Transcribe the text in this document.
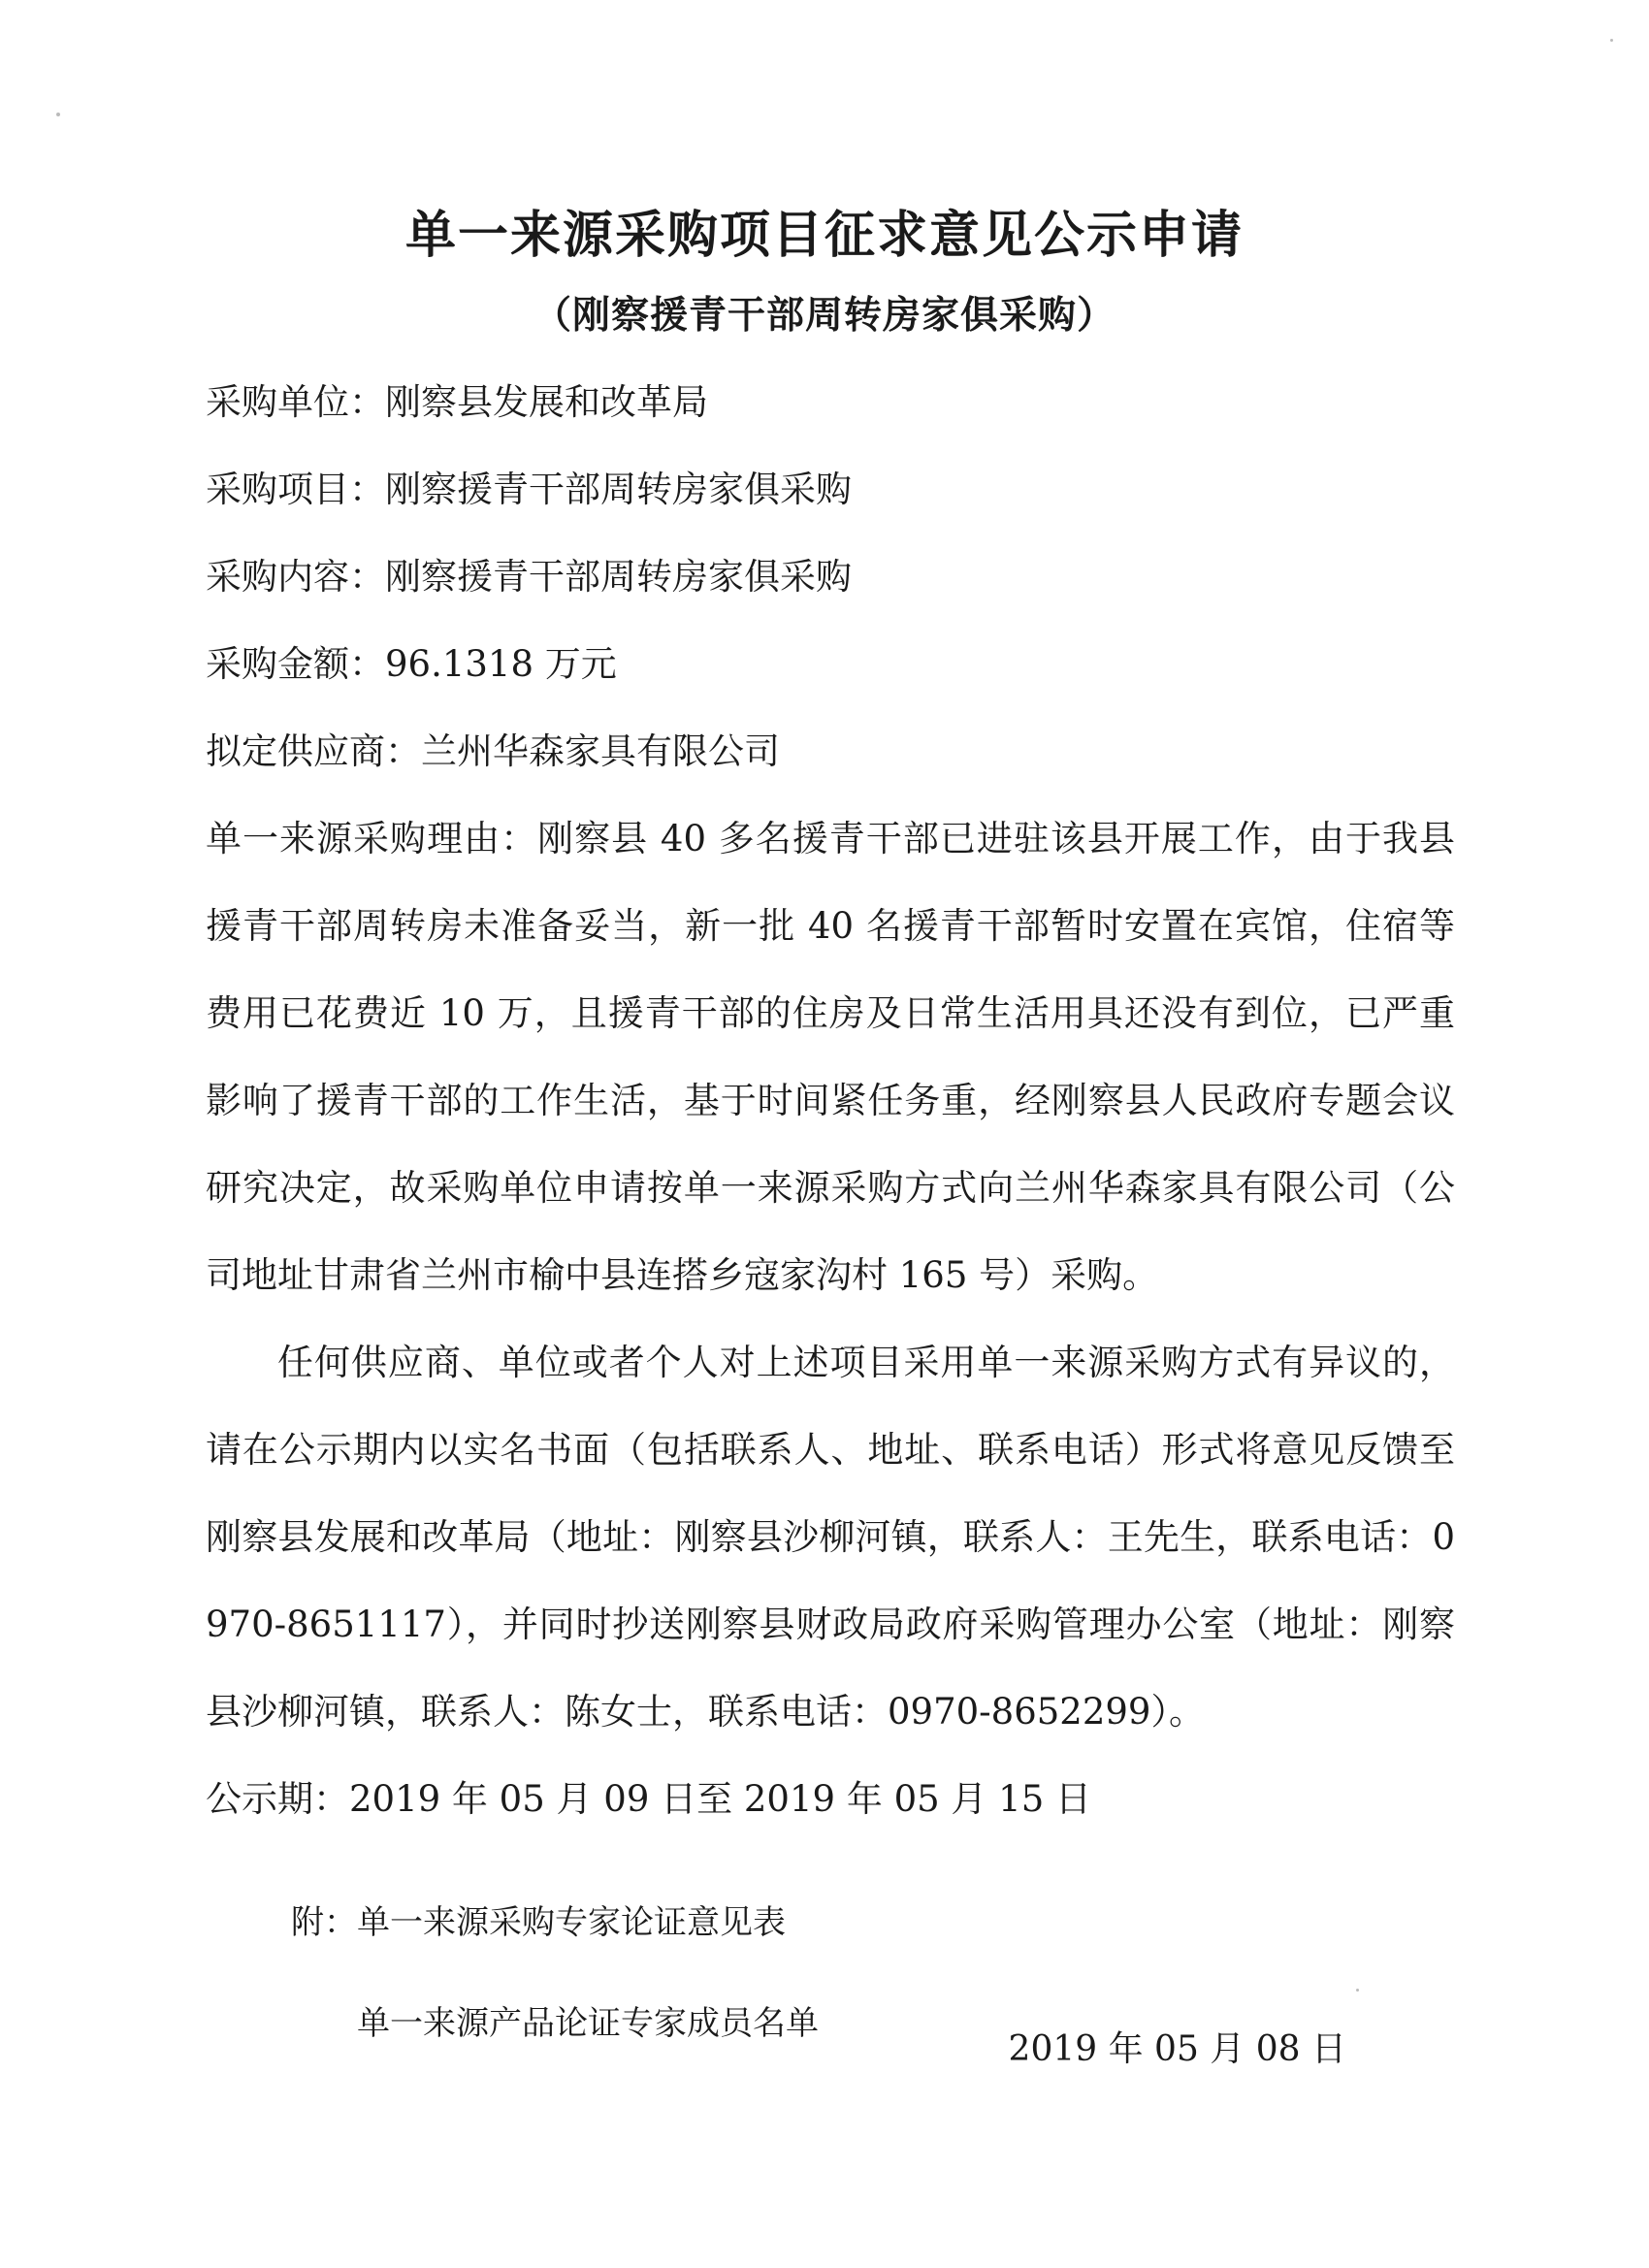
单一来源采购项目征求意见公示申请
（刚察援青干部周转房家俱采购）
采购单位：刚察县发展和改革局
采购项目：刚察援青干部周转房家俱采购
采购内容：刚察援青干部周转房家俱采购
采购金额：96.1318 万元
拟定供应商：兰州华森家具有限公司

单一来源采购理由：刚察县 40 多名援青干部已进驻该县开展工作，由于我县援青干部周转房未准备妥当，新一批 40 名援青干部暂时安置在宾馆，住宿等费用已花费近 10 万，且援青干部的住房及日常生活用具还没有到位，已严重影响了援青干部的工作生活，基于时间紧任务重，经刚察县人民政府专题会议研究决定，故采购单位申请按单一来源采购方式向兰州华森家具有限公司（公司地址甘肃省兰州市榆中县连搭乡寇家沟村 165 号）采购。

任何供应商、单位或者个人对上述项目采用单一来源采购方式有异议的，请在公示期内以实名书面（包括联系人、地址、联系电话）形式将意见反馈至刚察县发展和改革局（地址：刚察县沙柳河镇，联系人：王先生，联系电话：0970-8651117），并同时抄送刚察县财政局政府采购管理办公室（地址：刚察县沙柳河镇，联系人：陈女士，联系电话：0970-8652299）。

公示期：2019 年 05 月 09 日至 2019 年 05 月 15 日
附：单一来源采购专家论证意见表
单一来源产品论证专家成员名单
2019 年 05 月 08 日
